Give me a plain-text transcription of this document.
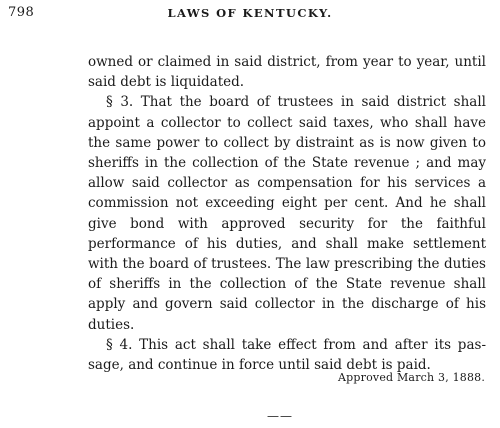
798	LAWS OF KENTUCKY.

owned or claimed in said district, from year to year, until said debt is liquidated.

§ 3. That the board of trustees in said district shall appoint a collector to collect said taxes, who shall have the same power to collect by distraint as is now given to sheriffs in the collection of the State revenue ; and may allow said collector as compensation for his services a commission not exceeding eight per cent. And he shall give bond with approved security for the faithful performance of his duties, and shall make settlement with the board of trustees. The law prescribing the duties of sheriffs in the collection of the State revenue shall apply and govern said collector in the discharge of his duties.

§ 4. This act shall take effect from and after its passage, and continue in force until said debt is paid.

Approved March 3, 1888.
——
